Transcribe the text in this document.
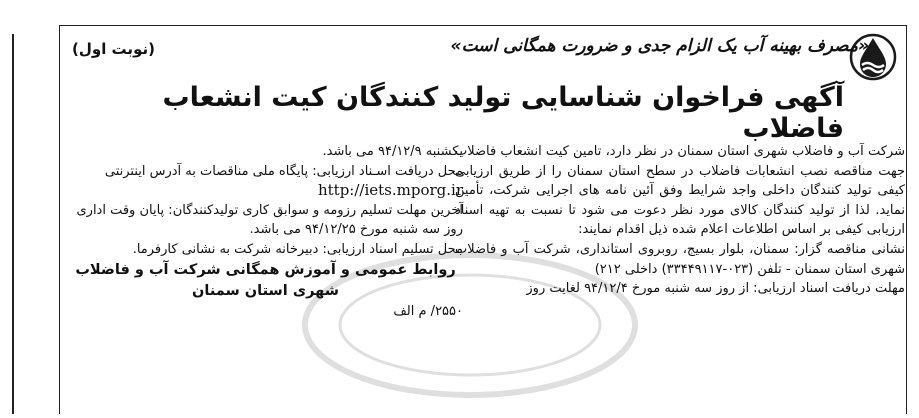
(نوبت اول)	«مصرف بهینه آب یک الزام جدی و ضرورت همگانی است»
آگهی فراخوان شناسایی تولید کنندگان کیت انشعاب فاضلاب

شرکت آب و فاضلاب شهری استان سمنان در نظر دارد، تامین کیت انشعاب فاضلاب جهت مناقصه نصب انشعابات فاضلاب در سطح استان سمنان را از طریق ارزیابی کیفی تولید کنندگان داخلی واجد شرایط وفق آئین نامه های اجرایی شرکت، تأمین نماید. لذا از تولید کنندگان کالای مورد نظر دعوت می شود تا نسبت به تهیه اسناد ارزیابی کیفی بر اساس اطلاعات اعلام شده ذیل اقدام نمایند:

نشانی مناقصه گزار: سمنان، بلوار بسیج، روبروی استانداری، شرکت آب و فاضلاب شهری استان سمنان - تلفن (۰۲۳-۳۳۴۴۹۱۱۷) داخلی ۲۱۲)

مهلت دریافت اسناد ارزیابی: از روز سه شنبه مورخ ۹۴/۱۲/۴ لغایت روز

یکشنبه ۹۴/۱۲/۹ می باشد.

محل دریافت اسـناد ارزیابی: پایگاه ملی مناقصات به آدرس اینترنتی

http://iets.mporg.ir

آخرین مهلت تسلیم رزومه و سوابق کاری تولیدکنندگان: پایان وقت اداری روز سه شنبه مورخ ۹۴/۱۲/۲۵ می باشد.

محل تسلیم اسناد ارزیابی: دبیرخانه شرکت به نشانی کارفرما.

روابط عمومی و آموزش همگانی شرکت آب و فاضلاب

شهری استان سمنان

۲۵۵۰/ م الف
